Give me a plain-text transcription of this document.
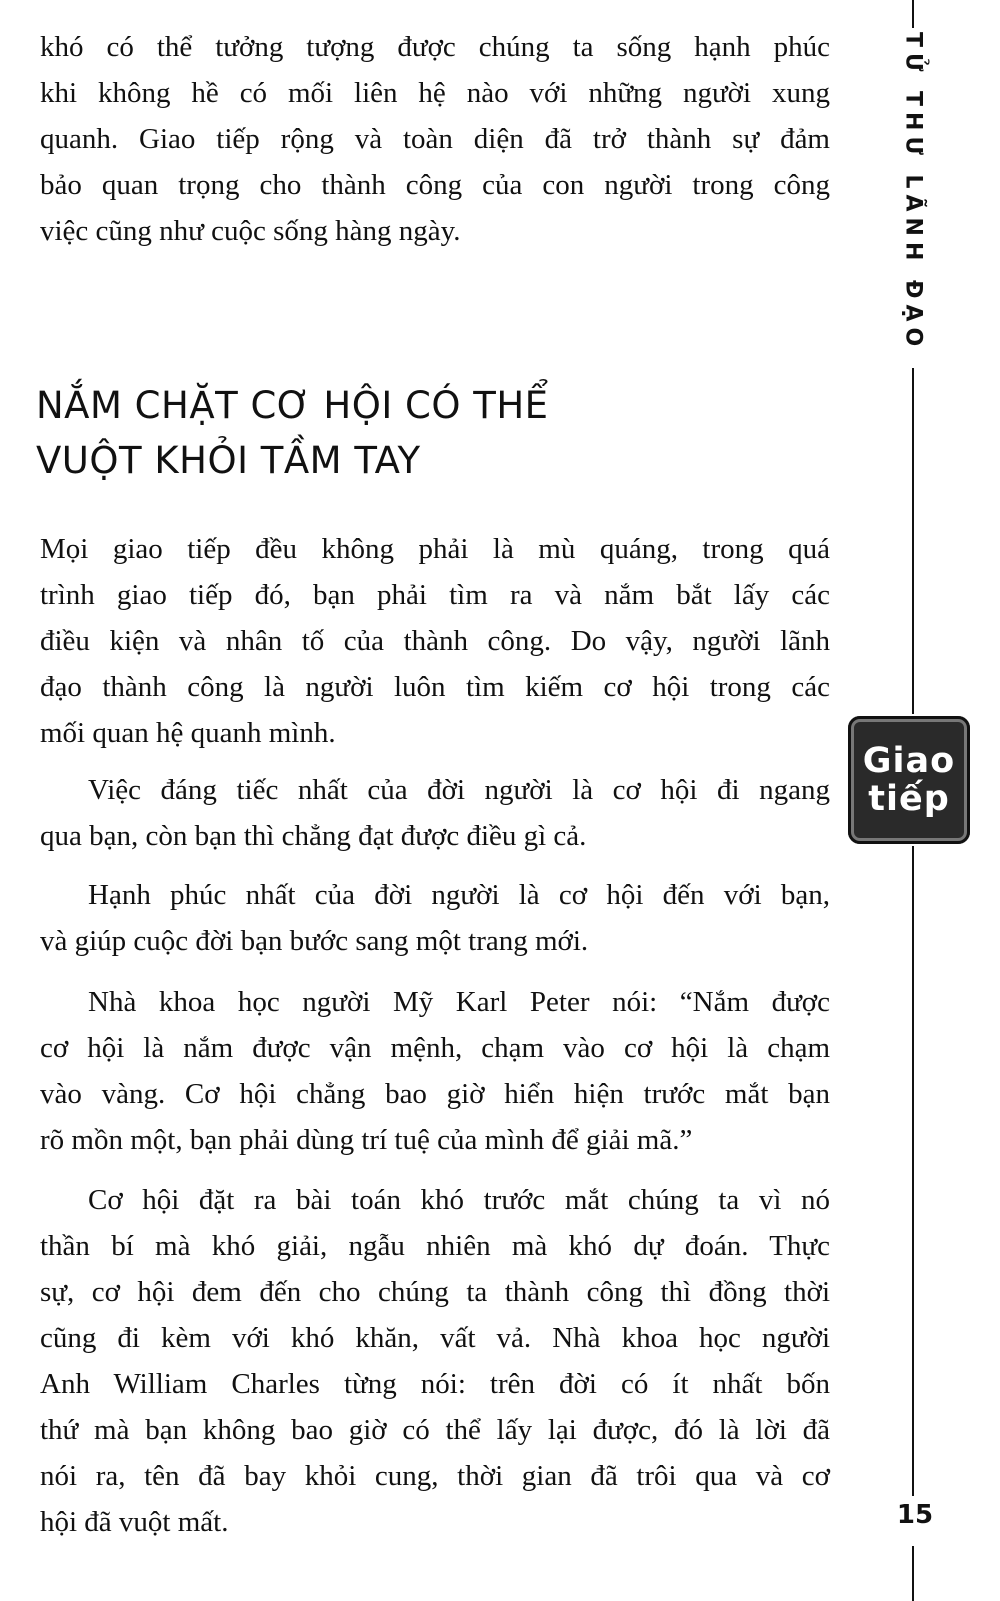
khó có thể tưởng tượng được chúng ta sống hạnh phúc
khi không hề có mối liên hệ nào với những người xung
quanh. Giao tiếp rộng và toàn diện đã trở thành sự đảm
bảo quan trọng cho thành công của con người trong công
việc cũng như cuộc sống hàng ngày.
NẮM CHẶT CƠ HỘI CÓ THỂ
VUỘT KHỎI TẦM TAY
Mọi giao tiếp đều không phải là mù quáng, trong quá
trình giao tiếp đó, bạn phải tìm ra và nắm bắt lấy các
điều kiện và nhân tố của thành công. Do vậy, người lãnh
đạo thành công là người luôn tìm kiếm cơ hội trong các
mối quan hệ quanh mình.
Việc đáng tiếc nhất của đời người là cơ hội đi ngang
qua bạn, còn bạn thì chẳng đạt được điều gì cả.
Hạnh phúc nhất của đời người là cơ hội đến với bạn,
và giúp cuộc đời bạn bước sang một trang mới.
Nhà khoa học người Mỹ Karl Peter nói: “Nắm được
cơ hội là nắm được vận mệnh, chạm vào cơ hội là chạm
vào vàng. Cơ hội chẳng bao giờ hiển hiện trước mắt bạn
rõ mồn một, bạn phải dùng trí tuệ của mình để giải mã.”
Cơ hội đặt ra bài toán khó trước mắt chúng ta vì nó
thần bí mà khó giải, ngẫu nhiên mà khó dự đoán. Thực
sự, cơ hội đem đến cho chúng ta thành công thì đồng thời
cũng đi kèm với khó khăn, vất vả. Nhà khoa học người
Anh William Charles từng nói: trên đời có ít nhất bốn
thứ mà bạn không bao giờ có thể lấy lại được, đó là lời đã
nói ra, tên đã bay khỏi cung, thời gian đã trôi qua và cơ
hội đã vuột mất.
TỬ THƯ LÃNH ĐẠO
Giao
tiếp
15
